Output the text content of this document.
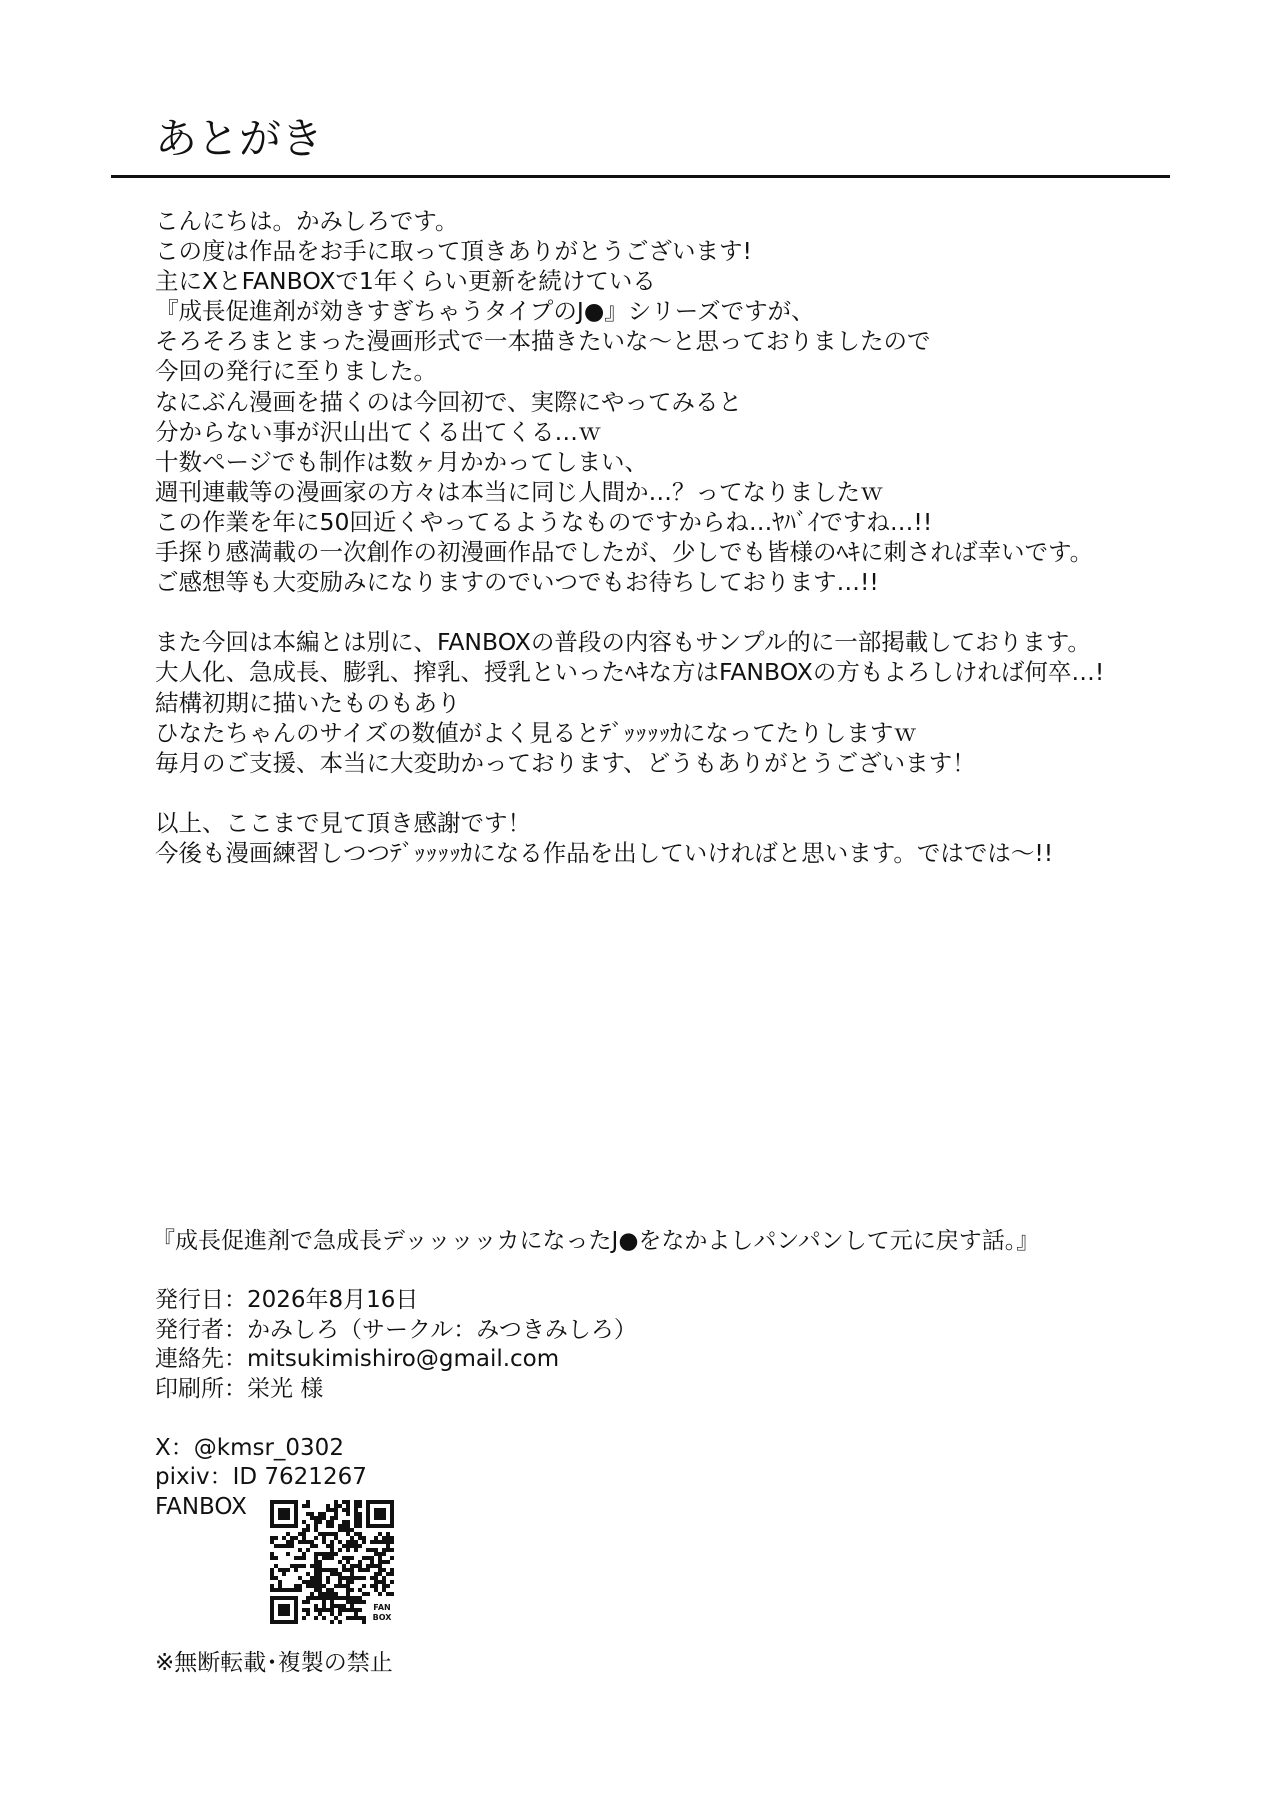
あとがき
こんにちは。かみしろです。
この度は作品をお手に取って頂きありがとうございます!
主にXとFANBOXで1年くらい更新を続けている
『成長促進剤が効きすぎちゃうタイプのJ●』シリーズですが、
そろそろまとまった漫画形式で一本描きたいな～と思っておりましたので
今回の発行に至りました。
なにぶん漫画を描くのは今回初で、実際にやってみると
分からない事が沢山出てくる出てくる…ｗ
十数ページでも制作は数ヶ月かかってしまい、
週刊連載等の漫画家の方々は本当に同じ人間か…？ってなりましたｗ
この作業を年に50回近くやってるようなものですからね…ﾔﾊﾞｲですね…!!
手探り感満載の一次創作の初漫画作品でしたが、少しでも皆様のﾍｷに刺されば幸いです。
ご感想等も大変励みになりますのでいつでもお待ちしております…!!
また今回は本編とは別に、FANBOXの普段の内容もサンプル的に一部掲載しております。
大人化、急成長、膨乳、搾乳、授乳といったﾍｷな方はFANBOXの方もよろしければ何卒…!
結構初期に描いたものもあり
ひなたちゃんのサイズの数値がよく見るとﾃﾞｯｯｯｯｶになってたりしますｗ
毎月のご支援、本当に大変助かっております、どうもありがとうございます！
以上、ここまで見て頂き感謝です！
今後も漫画練習しつつﾃﾞｯｯｯｯｶになる作品を出していければと思います。ではでは～!!
『成長促進剤で急成長デッッッッカになったJ●をなかよしパンパンして元に戻す話。』
発行日：2026年8月16日
発行者：かみしろ（サークル：みつきみしろ）
連絡先：mitsukimishiro@gmail.com
印刷所：栄光 様
X：@kmsr_0302
pixiv：ID 7621267
FANBOX
FAN
BOX
※無断転載･複製の禁止
